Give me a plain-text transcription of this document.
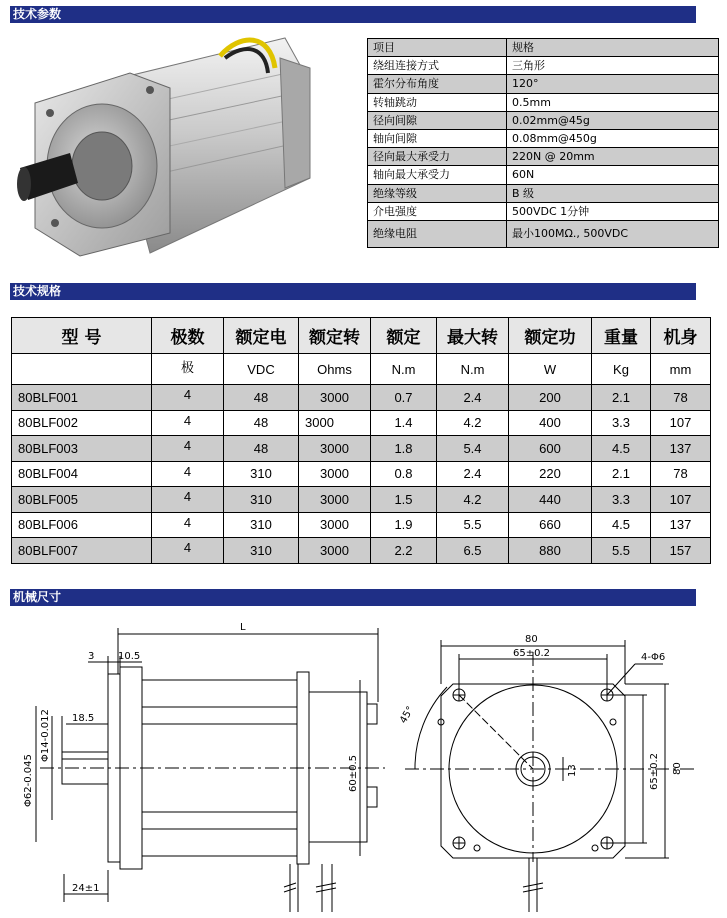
技术参数
项目	规格
绕组连接方式	三角形
霍尔分布角度	120°
转轴跳动	0.5mm
径向间隙	0.02mm@45g
轴向间隙	0.08mm@450g
径向最大承受力	220N @ 20mm
轴向最大承受力	60N
绝缘等级	B 级
介电强度	500VDC 1分钟
绝缘电阻	最小100MΩ., 500VDC
技术规格
型 号	极数	额定电	额定转	额定	最大转	额定功	重量	机身
	极	VDC	Ohms	N.m	N.m	W	Kg	mm
80BLF001	4	48	3000	0.7	2.4	200	2.1	78
80BLF002	4	48	3000	1.4	4.2	400	3.3	107
80BLF003	4	48	3000	1.8	5.4	600	4.5	137
80BLF004	4	310	3000	0.8	2.4	220	2.1	78
80BLF005	4	310	3000	1.5	4.2	440	3.3	107
80BLF006	4	310	3000	1.9	5.5	660	4.5	137
80BLF007	4	310	3000	2.2	6.5	880	5.5	157
机械尺寸
L
3 10.5
18.5
Φ62-0.045
Φ14-0.012
60±0.5
24±1
80
65±0.2	4-Φ6
45°
13	65±0.2 80
